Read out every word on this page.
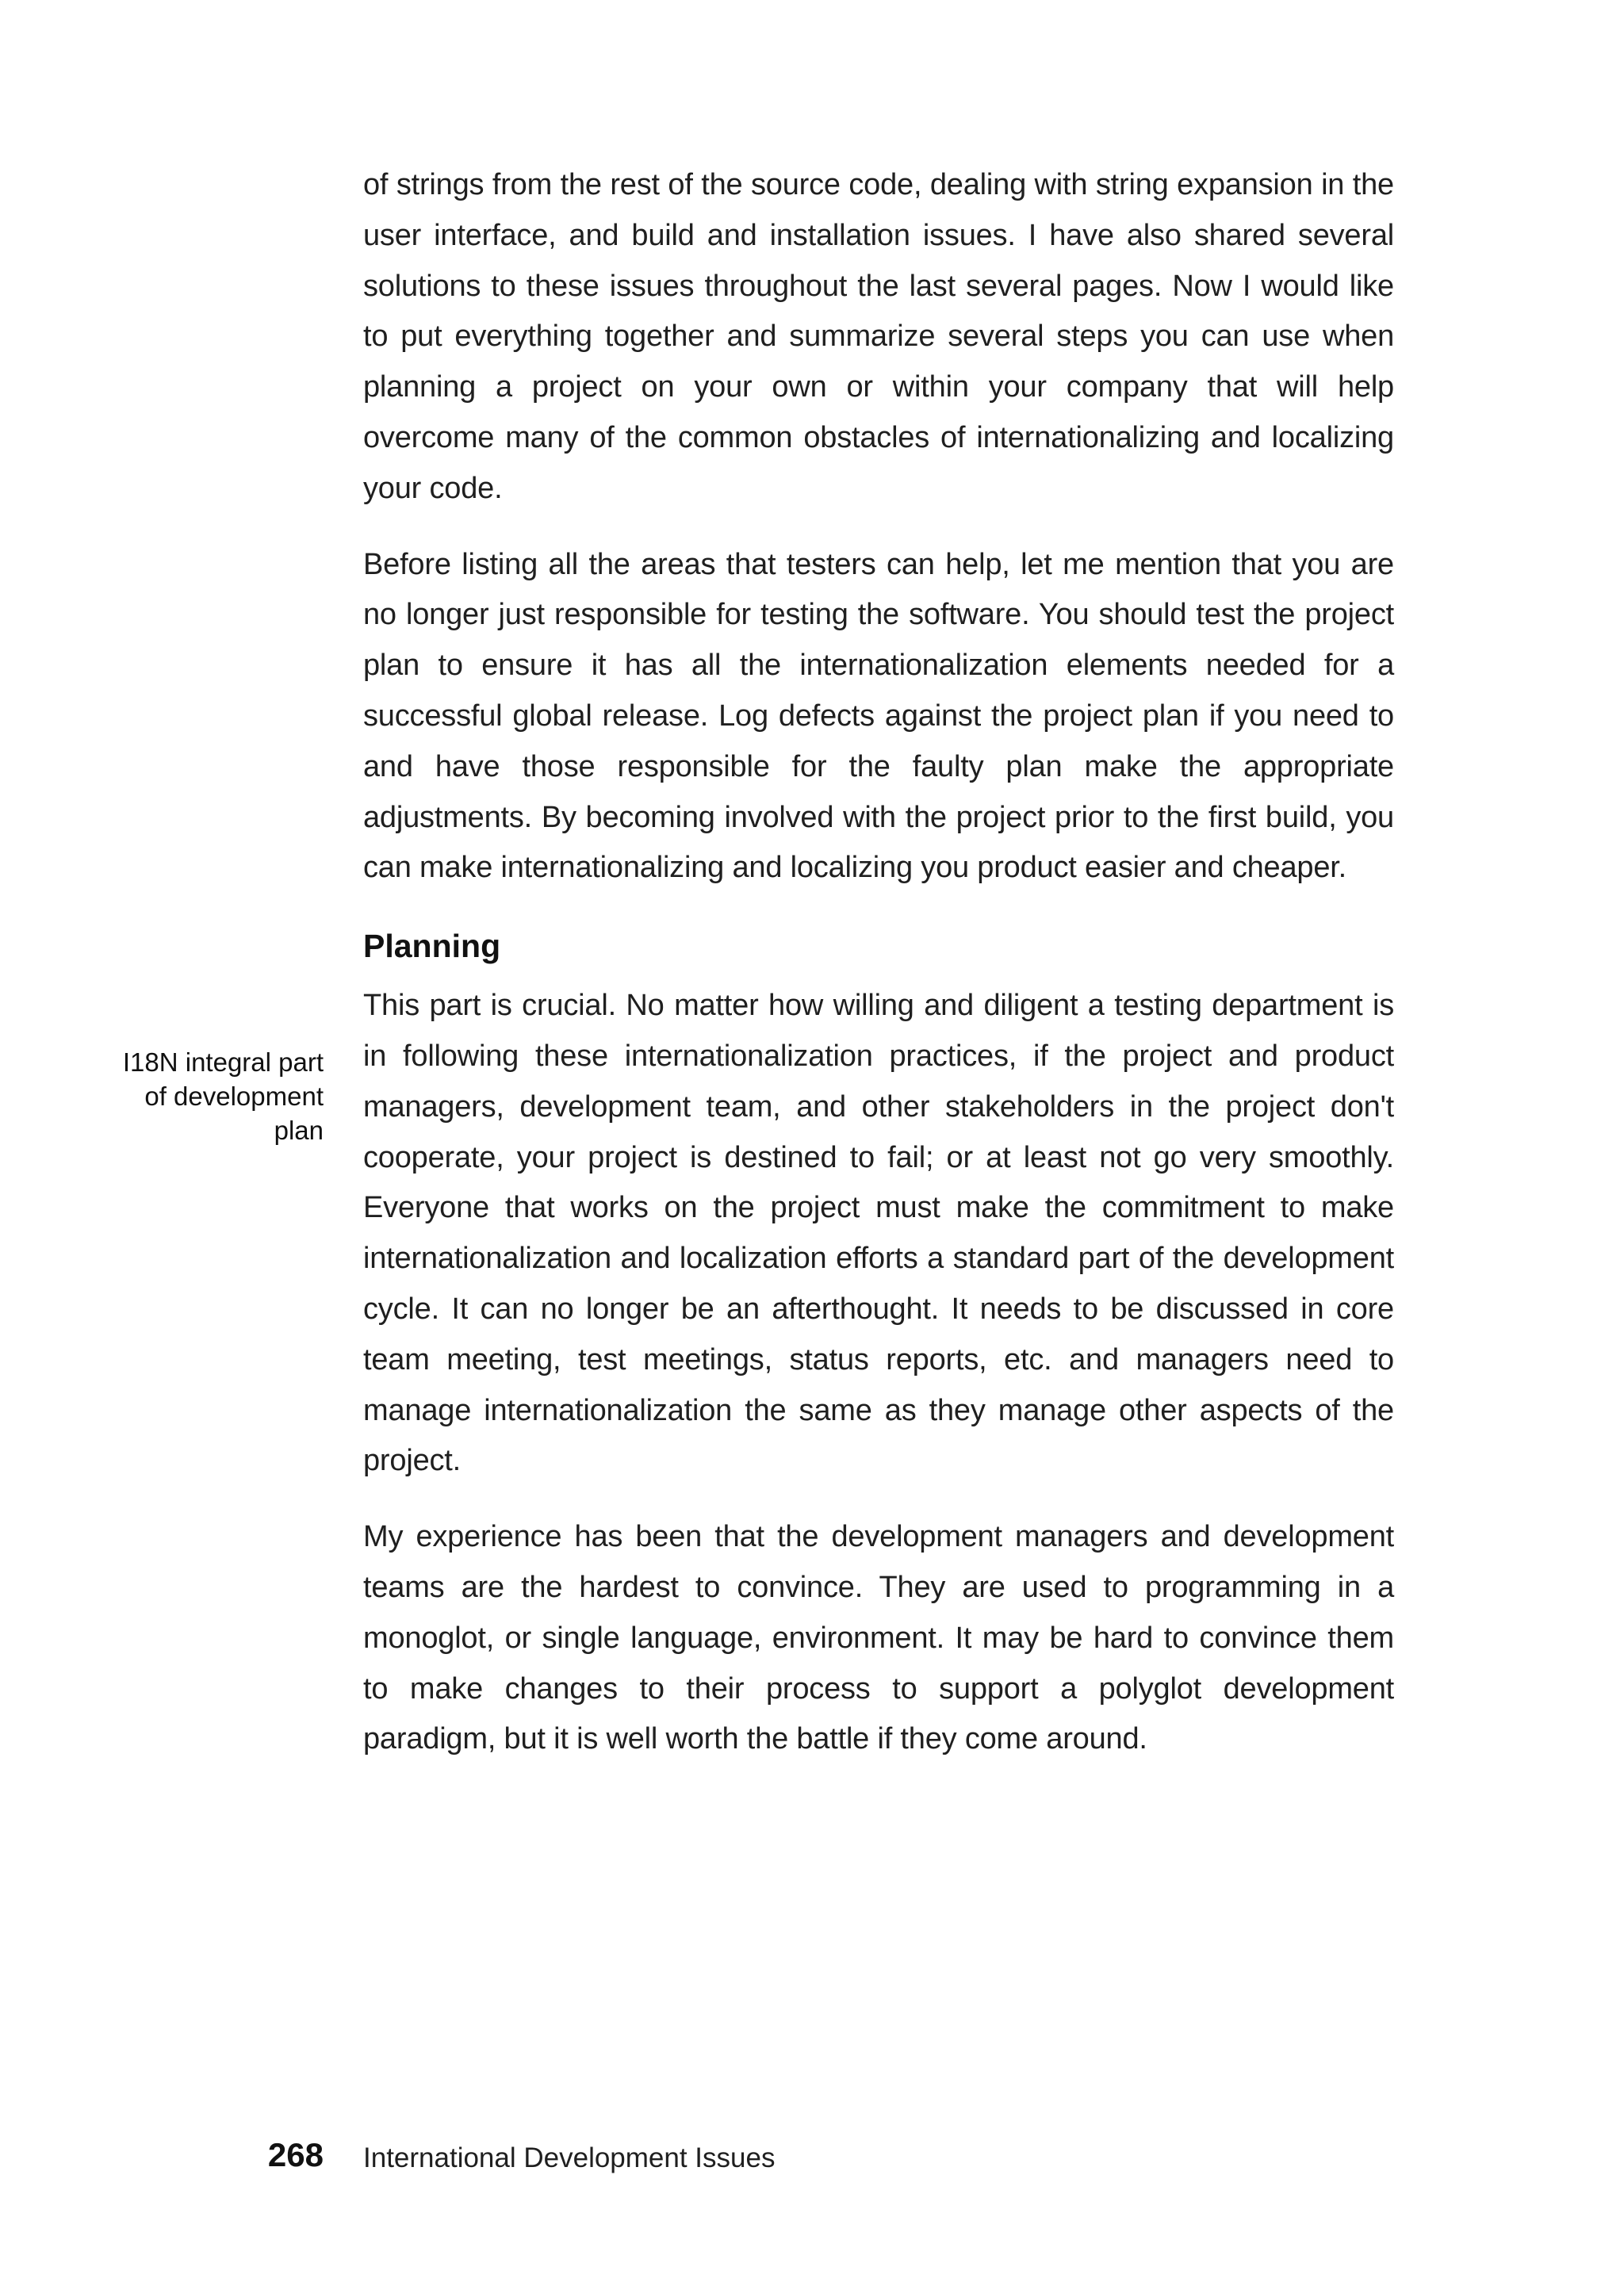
of strings from the rest of the source code, dealing with string expansion in the user interface, and build and installation issues. I have also shared several solutions to these issues throughout the last several pages. Now I would like to put everything together and summarize several steps you can use when planning a project on your own or within your company that will help overcome many of the common obstacles of internationalizing and localizing your code.

Before listing all the areas that testers can help, let me mention that you are no longer just responsible for testing the software. You should test the project plan to ensure it has all the internationalization elements needed for a successful global release. Log defects against the project plan if you need to and have those responsible for the faulty plan make the appropriate adjustments. By becoming involved with the project prior to the first build, you can make internationalizing and localizing you product easier and cheaper.

Planning

This part is crucial. No matter how willing and diligent a testing department is in following these internationalization practices, if the project and product managers, development team, and other stakeholders in the project don't cooperate, your project is destined to fail; or at least not go very smoothly. Everyone that works on the project must make the commitment to make internationalization and localization efforts a standard part of the development cycle. It can no longer be an afterthought. It needs to be discussed in core team meeting, test meetings, status reports, etc. and managers need to manage internationalization the same as they manage other aspects of the project.

My experience has been that the development managers and development teams are the hardest to convince. They are used to programming in a monoglot, or single language, environment. It may be hard to convince them to make changes to their process to support a polyglot development paradigm, but it is well worth the battle if they come around.

I18N integral part
of development
plan
268 International Development Issues
